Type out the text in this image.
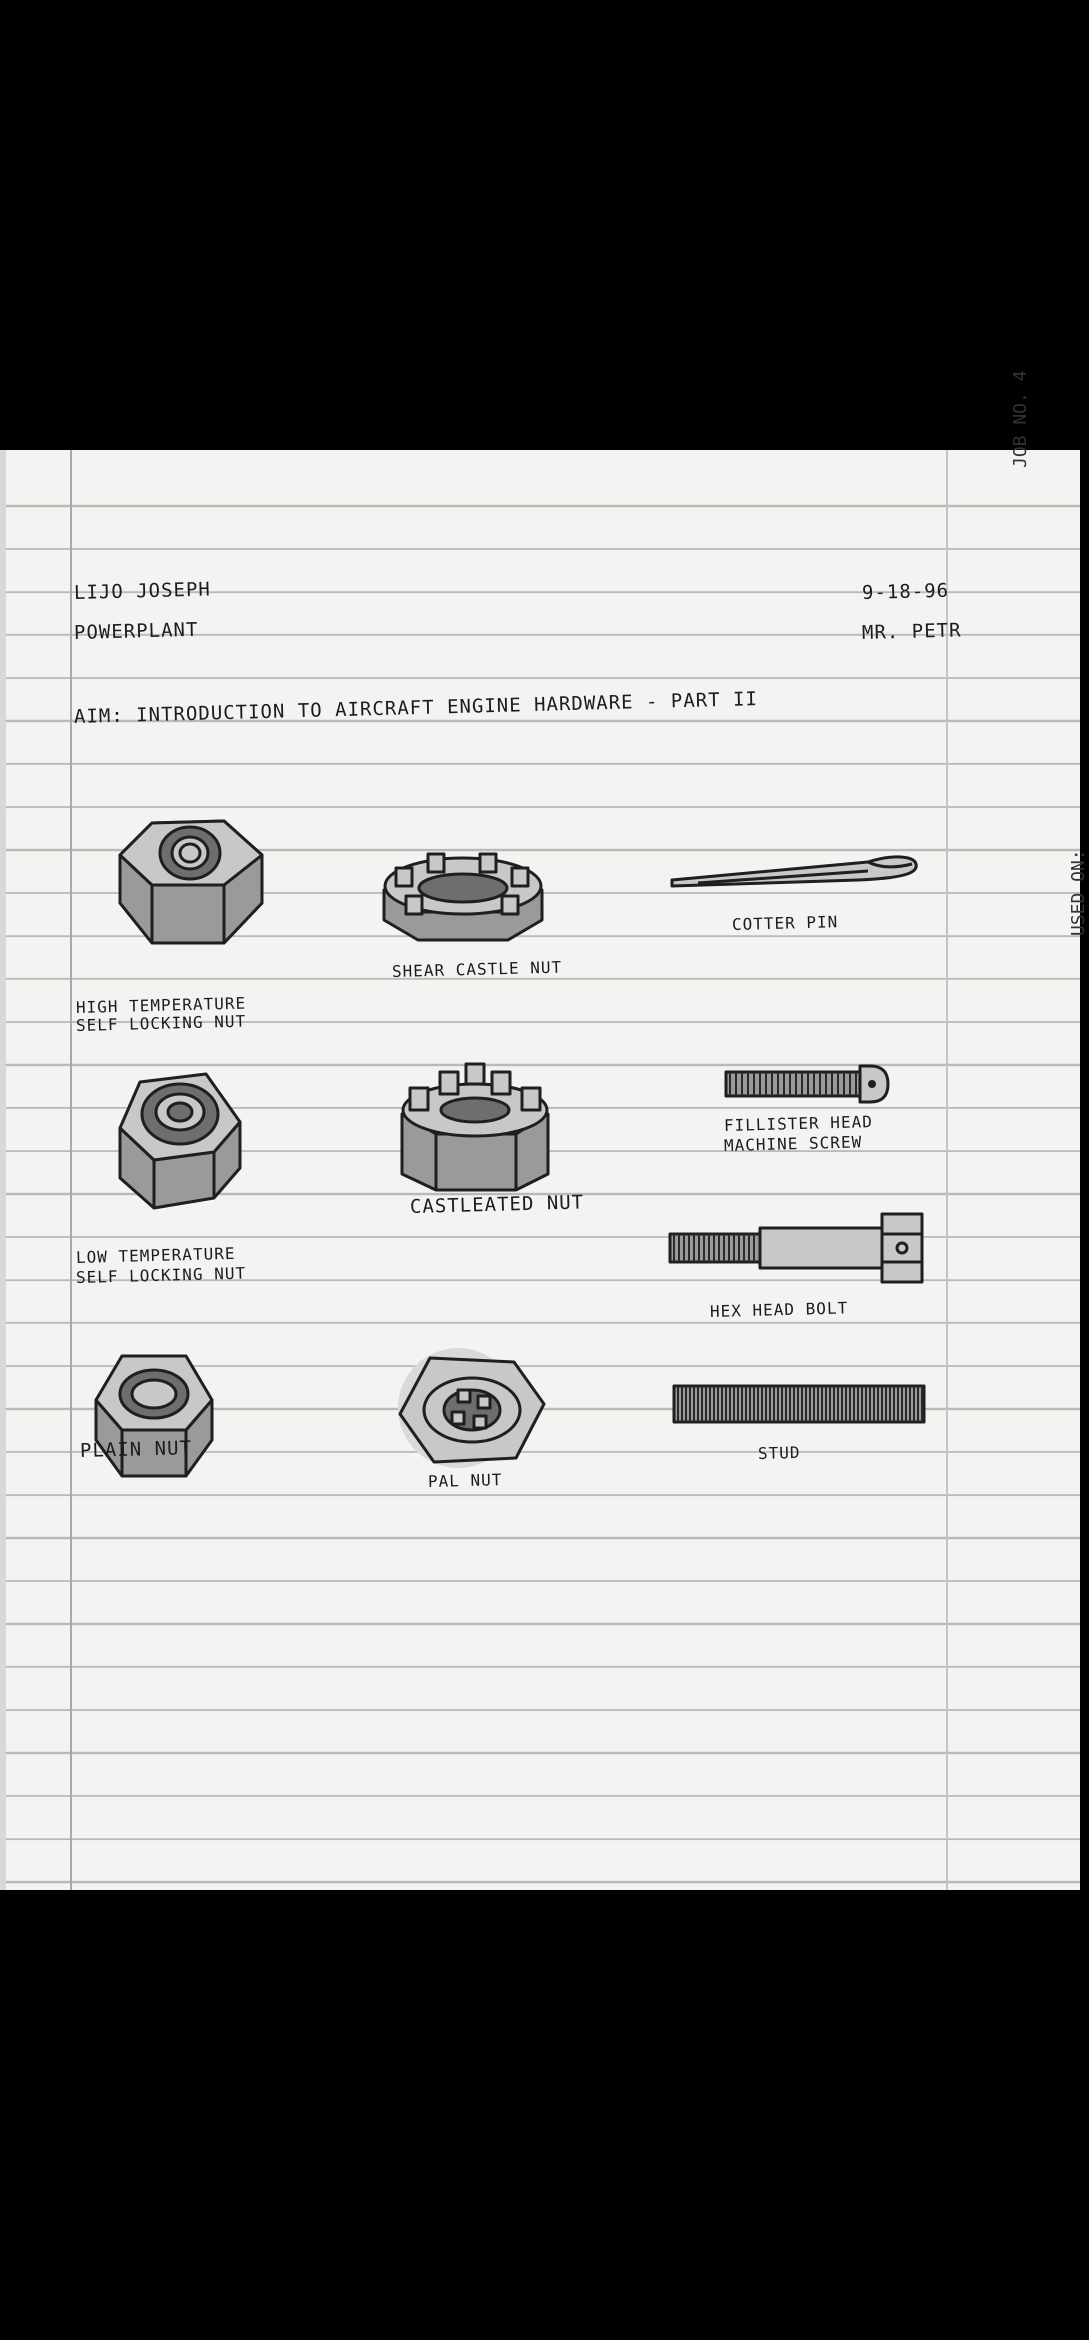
JOB NO. 4
USED ON:
LIJO JOSEPH
POWERPLANT
9-18-96
MR. PETR
AIM: INTRODUCTION TO AIRCRAFT ENGINE HARDWARE - PART II
HIGH TEMPERATURE
SELF LOCKING NUT
SHEAR CASTLE NUT
COTTER PIN
LOW TEMPERATURE
SELF LOCKING NUT
CASTLEATED NUT
FILLISTER HEAD
MACHINE SCREW
HEX HEAD BOLT
PLAIN NUT
PAL NUT
STUD
